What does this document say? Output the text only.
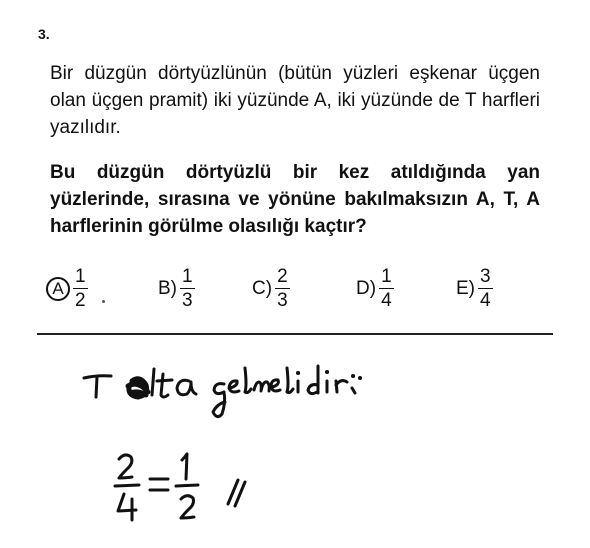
3.
Bir düzgün dörtyüzlünün (bütün yüzleri eşkenar üçgen olan üçgen pramit) iki yüzünde A, iki yüzünde de T harfleri yazılıdır.
Bu düzgün dörtyüzlü bir kez atıldığında yan yüzlerinde, sırasına ve yönüne bakılmaksızın A, T, A harflerinin görülme olasılığı kaçtır?
A $\frac{1}{2}$	$B) \frac{1}{3}$	$C) \frac{2}{3}$	$D) \frac{1}{4}$	$E) \frac{3}{4}$
